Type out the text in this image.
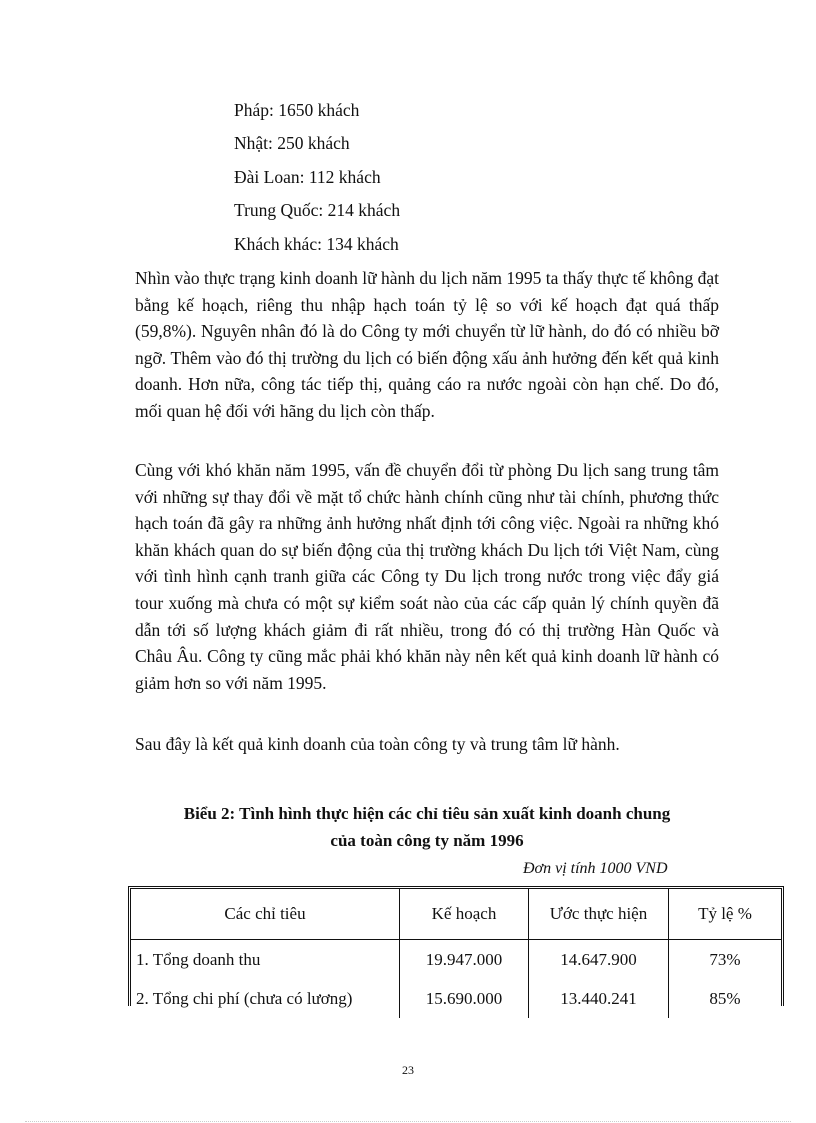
Pháp: 1650 khách
Nhật: 250 khách
Đài Loan: 112 khách
Trung Quốc: 214 khách
Khách khác: 134 khách

Nhìn vào thực trạng kinh doanh lữ hành du lịch năm 1995 ta thấy thực tế không đạt bằng kế hoạch, riêng thu nhập hạch toán tỷ lệ so với kế hoạch đạt quá thấp (59,8%). Nguyên nhân đó là do Công ty mới chuyển từ lữ hành, do đó có nhiều bỡ ngỡ. Thêm vào đó thị trường du lịch có biến động xấu ảnh hưởng đến kết quả kinh doanh. Hơn nữa, công tác tiếp thị, quảng cáo ra nước ngoài còn hạn chế. Do đó, mối quan hệ đối với hãng du lịch còn thấp.

Cùng với khó khăn năm 1995, vấn đề chuyển đổi từ phòng Du lịch sang trung tâm với những sự thay đổi về mặt tổ chức hành chính cũng như tài chính, phương thức hạch toán đã gây ra những ảnh hưởng nhất định tới công việc. Ngoài ra những khó khăn khách quan do sự biến động của thị trường khách Du lịch tới Việt Nam, cùng với tình hình cạnh tranh giữa các Công ty Du lịch trong nước trong việc đẩy giá tour xuống mà chưa có một sự kiểm soát nào của các cấp quản lý chính quyền đã dẫn tới số lượng khách giảm đi rất nhiều, trong đó có thị trường Hàn Quốc và Châu Âu. Công ty cũng mắc phải khó khăn này nên kết quả kinh doanh lữ hành có giảm hơn so với năm 1995.

Sau đây là kết quả kinh doanh của toàn công ty và trung tâm lữ hành.

Biểu 2: Tình hình thực hiện các chỉ tiêu sản xuất kinh doanh chung
của toàn công ty năm 1996
Đơn vị tính 1000 VND
Các chỉ tiêu	Kế hoạch	Ước thực hiện	Tỷ lệ %
1. Tổng doanh thu	19.947.000	14.647.900	73%
2. Tổng chi phí (chưa có lương)	15.690.000	13.440.241	85%
23
